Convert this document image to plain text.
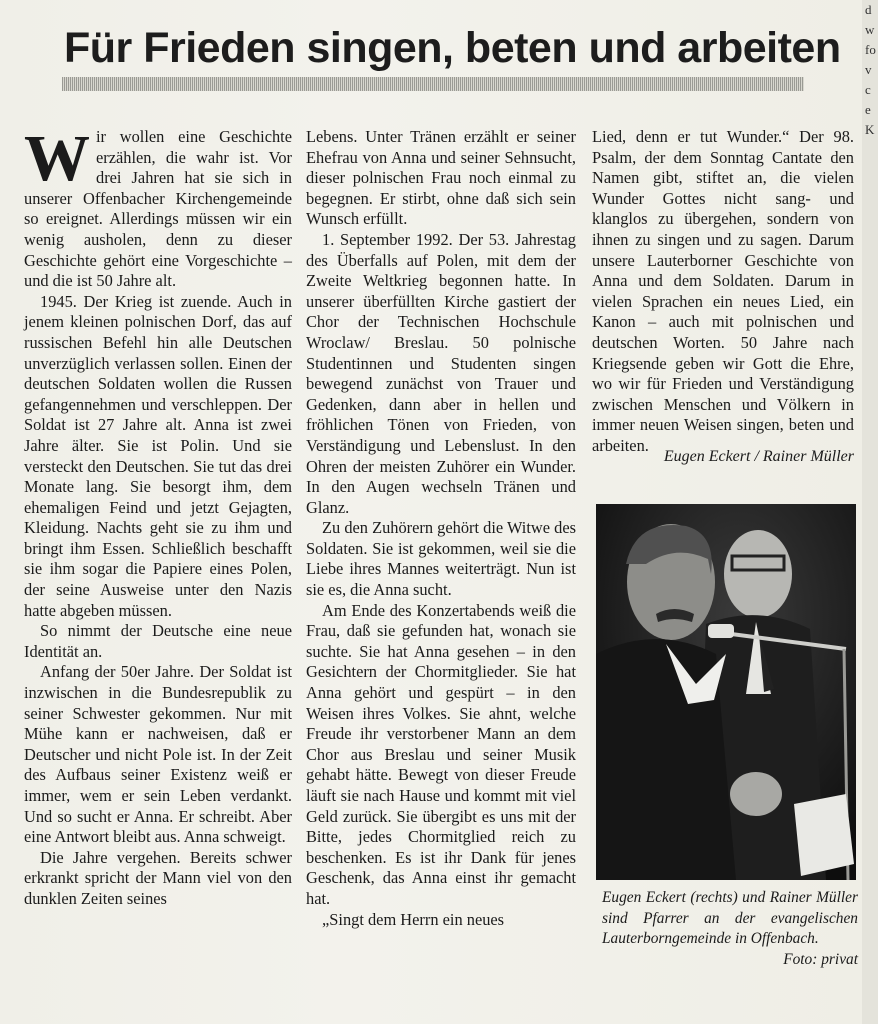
Für Frieden singen, beten und arbeiten

Wir wollen eine Geschichte erzählen, die wahr ist. Vor drei Jahren hat sie sich in unserer Offenbacher Kirchengemeinde so ereignet. Allerdings müssen wir ein wenig ausholen, denn zu dieser Geschichte gehört eine Vorgeschichte – und die ist 50 Jahre alt.

1945. Der Krieg ist zuende. Auch in jenem kleinen polnischen Dorf, das auf russischen Befehl hin alle Deutschen unverzüglich verlassen sollen. Einen der deutschen Soldaten wollen die Russen gefangennehmen und verschleppen. Der Soldat ist 27 Jahre alt. Anna ist zwei Jahre älter. Sie ist Polin. Und sie versteckt den Deutschen. Sie tut das drei Monate lang. Sie besorgt ihm, dem ehemaligen Feind und jetzt Gejagten, Kleidung. Nachts geht sie zu ihm und bringt ihm Essen. Schließlich beschafft sie ihm sogar die Papiere eines Polen, der seine Ausweise unter den Nazis hatte abgeben müssen.

So nimmt der Deutsche eine neue Identität an.

Anfang der 50er Jahre. Der Soldat ist inzwischen in die Bundesrepublik zu seiner Schwester gekommen. Nur mit Mühe kann er nachweisen, daß er Deutscher und nicht Pole ist. In der Zeit des Aufbaus seiner Existenz weiß er immer, wem er sein Leben verdankt. Und so sucht er Anna. Er schreibt. Aber eine Antwort bleibt aus. Anna schweigt.

Die Jahre vergehen. Bereits schwer erkrankt spricht der Mann viel von den dunklen Zeiten seines

Lebens. Unter Tränen erzählt er seiner Ehefrau von Anna und seiner Sehnsucht, dieser polnischen Frau noch einmal zu begegnen. Er stirbt, ohne daß sich sein Wunsch erfüllt.

1. September 1992. Der 53. Jahrestag des Überfalls auf Polen, mit dem der Zweite Weltkrieg begonnen hatte. In unserer überfüllten Kirche gastiert der Chor der Technischen Hochschule Wroclaw/ Breslau. 50 polnische Studentinnen und Studenten singen bewegend zunächst von Trauer und Gedenken, dann aber in hellen und fröhlichen Tönen von Frieden, von Verständigung und Lebenslust. In den Ohren der meisten Zuhörer ein Wunder. In den Augen wechseln Tränen und Glanz.

Zu den Zuhörern gehört die Witwe des Soldaten. Sie ist gekommen, weil sie die Liebe ihres Mannes weiterträgt. Nun ist sie es, die Anna sucht.

Am Ende des Konzertabends weiß die Frau, daß sie gefunden hat, wonach sie suchte. Sie hat Anna gesehen – in den Gesichtern der Chormitglieder. Sie hat Anna gehört und gespürt – in den Weisen ihres Volkes. Sie ahnt, welche Freude ihr verstorbener Mann an dem Chor aus Breslau und seiner Musik gehabt hätte. Bewegt von dieser Freude läuft sie nach Hause und kommt mit viel Geld zurück. Sie übergibt es uns mit der Bitte, jedes Chormitglied reich zu beschenken. Es ist ihr Dank für jenes Geschenk, das Anna einst ihr gemacht hat.

„Singt dem Herrn ein neues

Lied, denn er tut Wunder.“ Der 98. Psalm, der dem Sonntag Cantate den Namen gibt, stiftet an, die vielen Wunder Gottes nicht sang- und klanglos zu übergehen, sondern von ihnen zu singen und zu sagen. Darum unsere Lauterborner Geschichte von Anna und dem Soldaten. Darum in vielen Sprachen ein neues Lied, ein Kanon – auch mit polnischen und deutschen Worten. 50 Jahre nach Kriegsende geben wir Gott die Ehre, wo wir für Frieden und Verständigung zwischen Menschen und Völkern in immer neuen Weisen singen, beten und arbeiten.

Eugen Eckert / Rainer Müller
Eugen Eckert (rechts) und Rainer Müller sind Pfarrer an der evangelischen Lauterborngemeinde in Offenbach.
Foto: privat
d
w
fo
v
c
e
K
